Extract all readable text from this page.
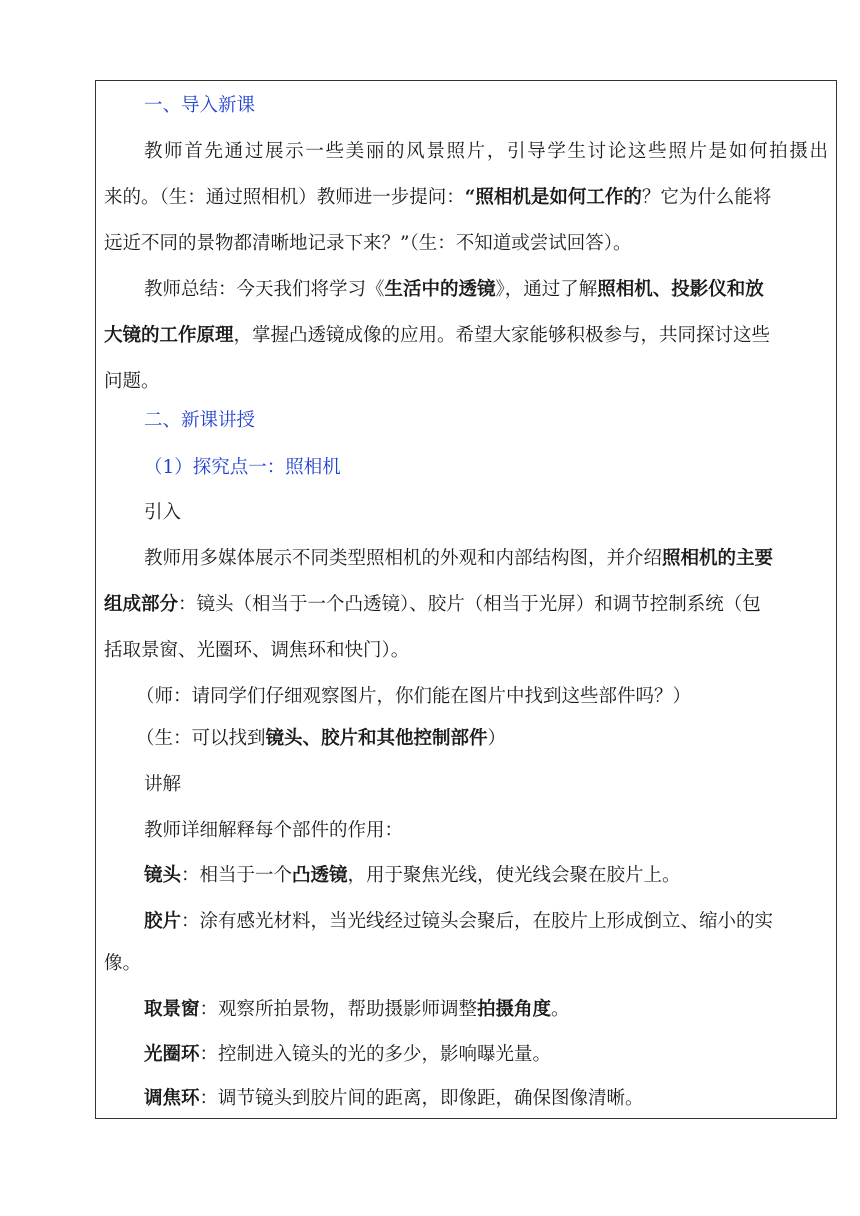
一、导入新课
教师首先通过展示一些美丽的风景照片，引导学生讨论这些照片是如何拍摄出
来的。（生：通过照相机）教师进一步提问：“照相机是如何工作的？它为什么能将
远近不同的景物都清晰地记录下来？”（生：不知道或尝试回答）。
教师总结：今天我们将学习《生活中的透镜》，通过了解照相机、投影仪和放
大镜的工作原理，掌握凸透镜成像的应用。希望大家能够积极参与，共同探讨这些
问题。
二、新课讲授
（1）探究点一：照相机
引入
教师用多媒体展示不同类型照相机的外观和内部结构图，并介绍照相机的主要
组成部分：镜头（相当于一个凸透镜）、胶片（相当于光屏）和调节控制系统（包
括取景窗、光圈环、调焦环和快门）。
（师：请同学们仔细观察图片，你们能在图片中找到这些部件吗？）
（生：可以找到镜头、胶片和其他控制部件）
讲解
教师详细解释每个部件的作用：
镜头：相当于一个凸透镜，用于聚焦光线，使光线会聚在胶片上。
胶片：涂有感光材料，当光线经过镜头会聚后，在胶片上形成倒立、缩小的实
像。
取景窗：观察所拍景物，帮助摄影师调整拍摄角度。
光圈环：控制进入镜头的光的多少，影响曝光量。
调焦环：调节镜头到胶片间的距离，即像距，确保图像清晰。
